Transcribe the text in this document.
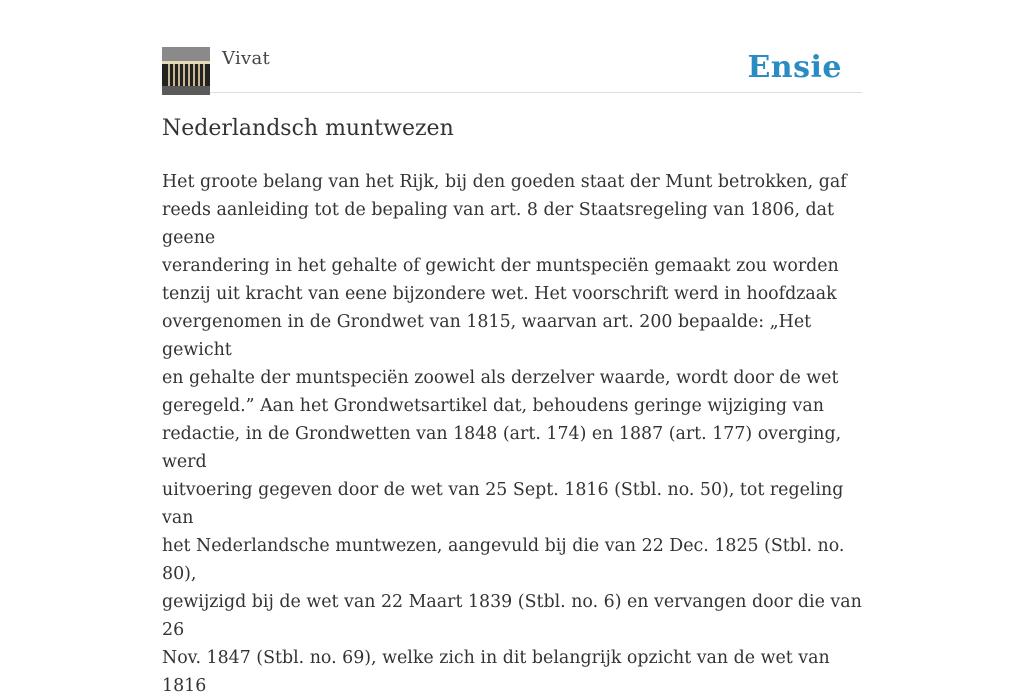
Vivat	Ensie
Nederlandsch muntwezen

Het groote belang van het Rijk, bij den goeden staat der Munt betrokken, gaf
reeds aanleiding tot de bepaling van art. 8 der Staatsregeling van 1806, dat geene
verandering in het gehalte of gewicht der muntspeciën gemaakt zou worden
tenzij uit kracht van eene bijzondere wet. Het voorschrift werd in hoofdzaak
overgenomen in de Grondwet van 1815, waarvan art. 200 bepaalde: „Het gewicht
en gehalte der muntspeciën zoowel als derzelver waarde, wordt door de wet
geregeld.” Aan het Grondwetsartikel dat, behoudens geringe wijziging van
redactie, in de Grondwetten van 1848 (art. 174) en 1887 (art. 177) overging, werd
uitvoering gegeven door de wet van 25 Sept. 1816 (Stbl. no. 50), tot regeling van
het Nederlandsche muntwezen, aangevuld bij die van 22 Dec. 1825 (Stbl. no. 80),
gewijzigd bij de wet van 22 Maart 1839 (Stbl. no. 6) en vervangen door die van 26
Nov. 1847 (Stbl. no. 69), welke zich in dit belangrijk opzicht van de wet van 1816
